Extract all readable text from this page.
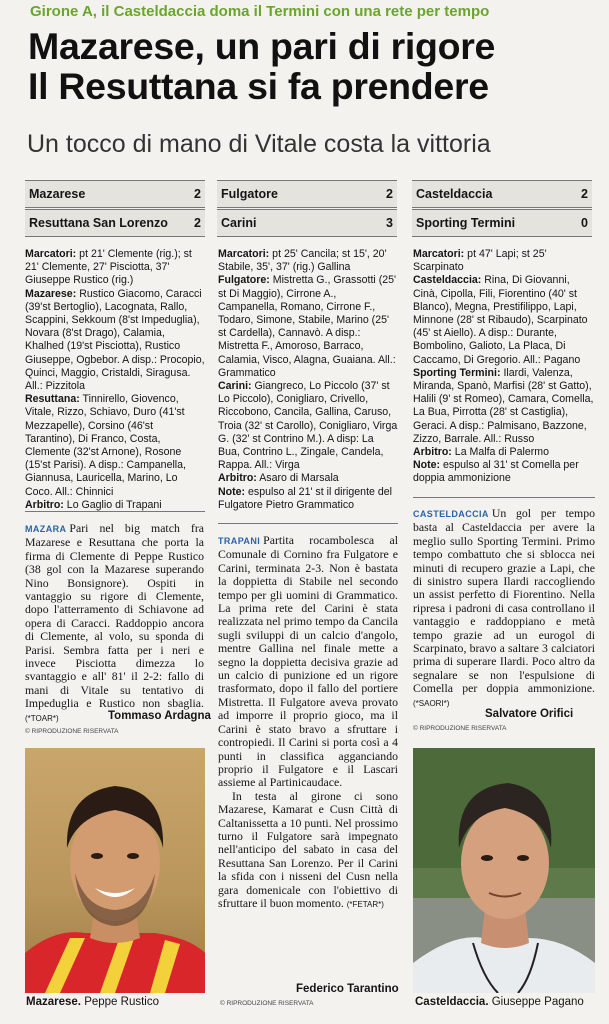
Girone A, il Casteldaccia doma il Termini con una rete per tempo
Mazarese, un pari di rigore
Il Resuttana si fa prendere
Un tocco di mano di Vitale costa la vittoria
Mazarese	2
Resuttana San Lorenzo 2
Fulgatore	2
Carini	3
Casteldaccia	2
Sporting Termini	0

Marcatori: pt 21' Clemente (rig.); st 21' Clemente, 27' Pisciotta, 37' Giuseppe Rustico (rig.)

Mazarese: Rustico Giacomo, Caracci (39'st Bertoglio), Lacognata, Rallo, Scappini, Sekkoum (8'st Impeduglia), Novara (8'st Drago), Calamia, Khalhed (19'st Pisciotta), Rustico Giuseppe, Ogbebor. A disp.: Procopio, Quinci, Maggio, Cristaldi, Siragusa. All.: Pizzitola

Resuttana: Tinnirello, Giovenco, Vitale, Rizzo, Schiavo, Duro (41'st Mezzapelle), Corsino (46'st Tarantino), Di Franco, Costa, Clemente (32'st Arnone), Rosone (15'st Parisi). A disp.: Campanella, Giannusa, Lauricella, Marino, Lo Coco. All.: Chinnici

Arbitro: Lo Gaglio di Trapani

Marcatori: pt 25' Cancila; st 15', 20' Stabile, 35', 37' (rig.) Gallina

Fulgatore: Mistretta G., Grassotti (25' st Di Maggio), Cirrone A., Campanella, Romano, Cirrone F., Todaro, Simone, Stabile, Marino (25' st Cardella), Cannavò. A disp.: Mistretta F., Amoroso, Barraco, Calamia, Visco, Alagna, Guaiana. All.: Grammatico

Carini: Giangreco, Lo Piccolo (37' st Lo Piccolo), Conigliaro, Crivello, Riccobono, Cancila, Gallina, Caruso, Troia (32' st Carollo), Conigliaro, Virga G. (32' st Contrino M.). A disp: La Bua, Contrino L., Zingale, Candela, Rappa. All.: Virga

Arbitro: Asaro di Marsala

Note: espulso al 21' st il dirigente del Fulgatore Pietro Grammatico

Marcatori: pt 47' Lapi; st 25' Scarpinato

Casteldaccia: Rina, Di Giovanni, Cinà, Cipolla, Fili, Fiorentino (40' st Blanco), Megna, Prestifilippo, Lapi, Minnone (28' st Ribaudo), Scarpinato (45' st Aiello). A disp.: Durante, Bombolino, Galioto, La Placa, Di Caccamo, Di Gregorio. All.: Pagano

Sporting Termini: Ilardi, Valenza, Miranda, Spanò, Marfisi (28' st Gatto), Halili (9' st Romeo), Camara, Comella, La Bua, Pirrotta (28' st Castiglia), Geraci. A disp.: Palmisano, Bazzone, Zizzo, Barrale. All.: Russo

Arbitro: La Malfa di Palermo

Note: espulso al 31' st Comella per doppia ammonizione

MAZARA Pari nel big match fra Mazarese e Resuttana che porta la firma di Clemente di Peppe Rustico (38 gol con la Mazarese superando Nino Bonsignore). Ospiti in vantaggio su rigore di Clemente, dopo l'atterramento di Schiavone ad opera di Caracci. Raddoppio ancora di Clemente, al volo, su sponda di Parisi. Sembra fatta per i neri e invece Pisciotta dimezza lo svantaggio e all' 81' il 2-2: fallo di mani di Vitale su tentativo di Impeduglia e Rustico non sbaglia. (*TOAR*)	Tommaso Ardagna
© RIPRODUZIONE RISERVATA
TRAPANI Partita rocambolesca al Comunale di Cornino fra Fulgatore e Carini, terminata 2-3. Non è bastata la doppietta di Stabile nel secondo tempo per gli uomini di Grammatico. La prima rete del Carini è stata realizzata nel primo tempo da Cancila sugli sviluppi di un calcio d'angolo, mentre Gallina nel finale mette a segno la doppietta decisiva grazie ad un calcio di punizione ed un rigore trasformato, dopo il fallo del portiere Mistretta. Il Fulgatore aveva provato ad imporre il proprio gioco, ma il Carini è stato bravo a sfruttare i contropiedi. Il Carini si porta così a 4 punti in classifica agganciando proprio il Fulgatore e il Lascari assieme al Partinicaudace.
In testa al girone ci sono Mazarese, Kamarat e Cusn Città di Caltanissetta a 10 punti. Nel prossimo turno il Fulgatore sarà impegnato nell'anticipo del sabato in casa del Resuttana San Lorenzo. Per il Carini la sfida con i nisseni del Cusn nella gara domenicale con l'obiettivo di sfruttare il buon momento. (*FETAR*)
Federico Tarantino
© RIPRODUZIONE RISERVATA
CASTELDACCIA Un gol per tempo basta al Casteldaccia per avere la meglio sullo Sporting Termini. Primo tempo combattuto che si sblocca nei minuti di recupero grazie a Lapi, che di sinistro supera Ilardi raccogliendo un assist perfetto di Fiorentino. Nella ripresa i padroni di casa controllano il vantaggio e raddoppiano e metà tempo grazie ad un eurogol di Scarpinato, bravo a saltare 3 calciatori prima di superare Ilardi. Poco altro da segnalare se non l'espulsione di Comella per doppia ammonizione. (*SAORI*)
Salvatore Orifici
© RIPRODUZIONE RISERVATA
Mazarese. Peppe Rustico	Casteldaccia. Giuseppe Pagano
